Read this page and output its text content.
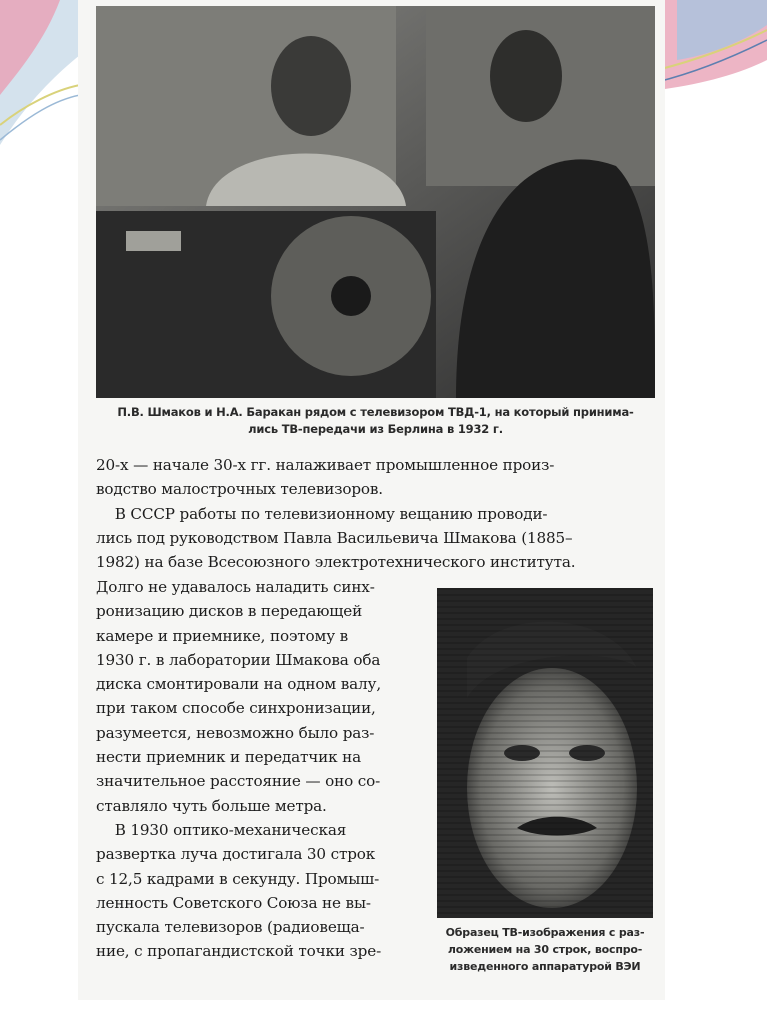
П.В. Шмаков и Н.А. Баракан рядом с телевизором ТВД-1, на который принима-
лись ТВ-передачи из Берлина в 1932 г.
20-х — начале 30-х гг. налаживает промышленное произ-
водство малострочных телевизоров.
В СССР работы по телевизионному вещанию проводи-
лись под руководством Павла Васильевича Шмакова (1885–
1982) на базе Всесоюзного электротехнического института.
Долго не удавалось наладить синх-
ронизацию дисков в передающей
камере и приемнике, поэтому в
1930 г. в лаборатории Шмакова оба
диска смонтировали на одном валу,
при таком способе синхронизации,
разумеется, невозможно было раз-
нести приемник и передатчик на
значительное расстояние — оно со-
ставляло чуть больше метра.
В 1930 оптико-механическая
развертка луча достигала 30 строк
с 12,5 кадрами в секунду. Промыш-
ленность Советского Союза не вы-
пускала телевизоров (радиовеща-
ние, с пропагандистской точки зре-
Образец ТВ-изображения с раз-
ложением на 30 строк, воспро-
изведенного аппаратурой ВЭИ
